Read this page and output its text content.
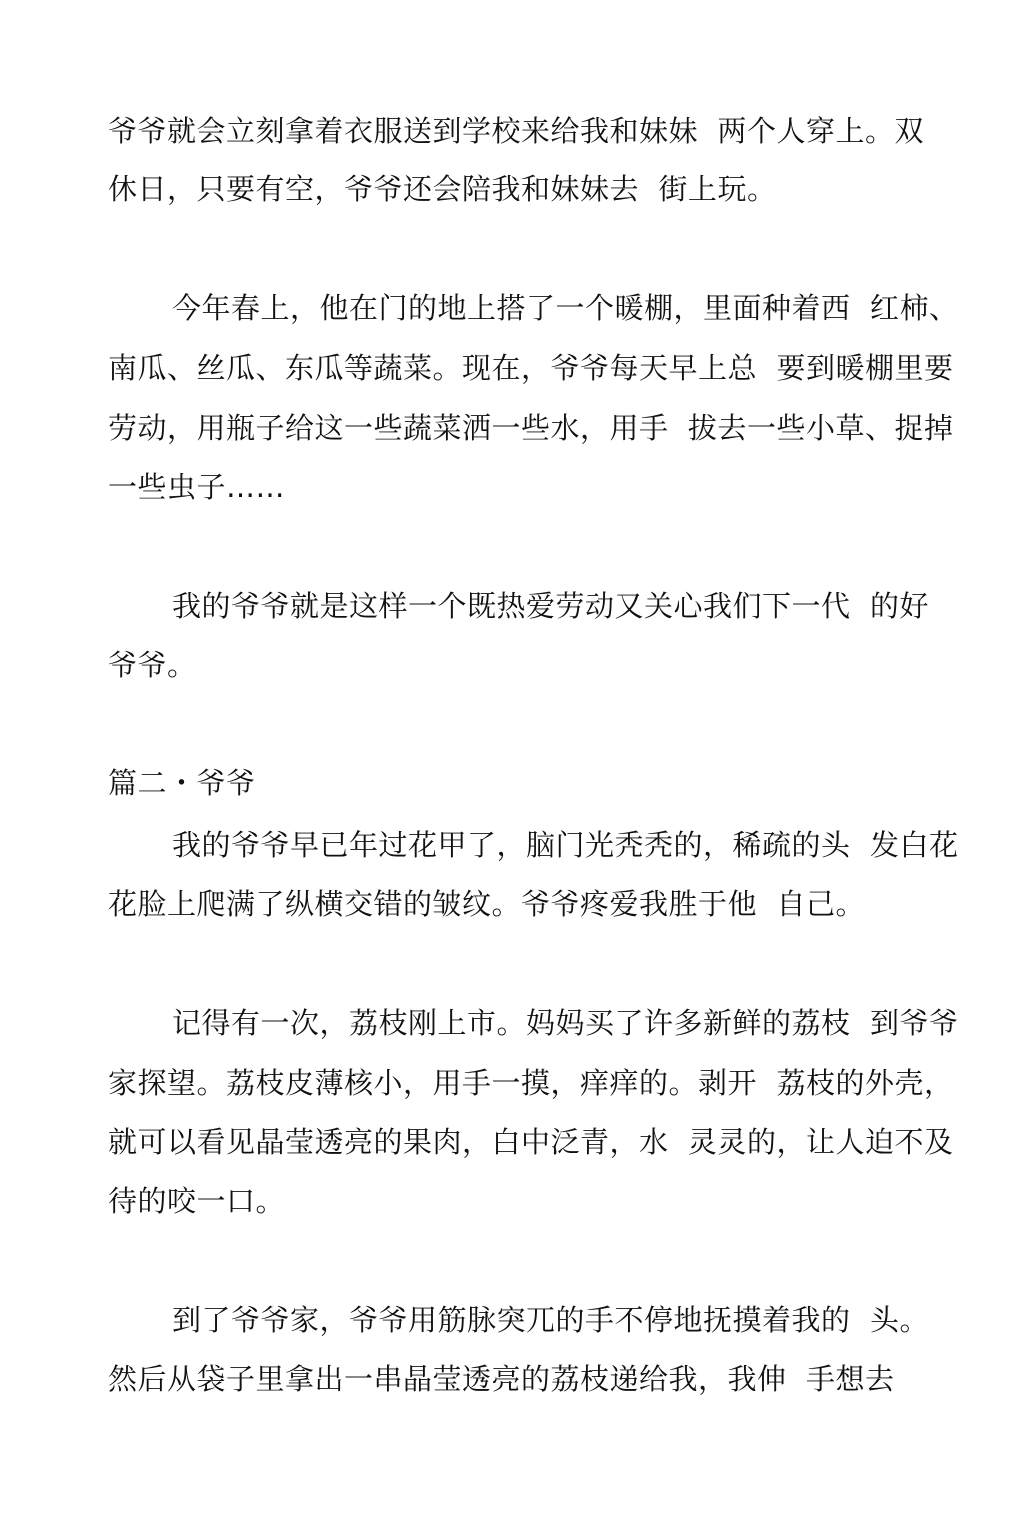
爷爷就会立刻拿着衣服送到学校来给我和妹妹  两个人穿上。双
休日，只要有空，爷爷还会陪我和妹妹去  街上玩。
今年春上，他在门的地上搭了一个暖棚，里面种着西  红柿、
南瓜、丝瓜、东瓜等蔬菜。现在，爷爷每天早上总  要到暖棚里要
劳动，用瓶子给这一些蔬菜洒一些水，用手  拔去一些小草、捉掉
一些虫子……
我的爷爷就是这样一个既热爱劳动又关心我们下一代  的好
爷爷。
篇二・爷爷
我的爷爷早已年过花甲了，脑门光秃秃的，稀疏的头  发白花
花脸上爬满了纵横交错的皱纹。爷爷疼爱我胜于他  自己。
记得有一次，荔枝刚上市。妈妈买了许多新鲜的荔枝  到爷爷
家探望。荔枝皮薄核小，用手一摸，痒痒的。剥开  荔枝的外壳，
就可以看见晶莹透亮的果肉，白中泛青，水  灵灵的，让人迫不及
待的咬一口。
到了爷爷家，爷爷用筋脉突兀的手不停地抚摸着我的  头。
然后从袋子里拿出一串晶莹透亮的荔枝递给我，我伸  手想去
